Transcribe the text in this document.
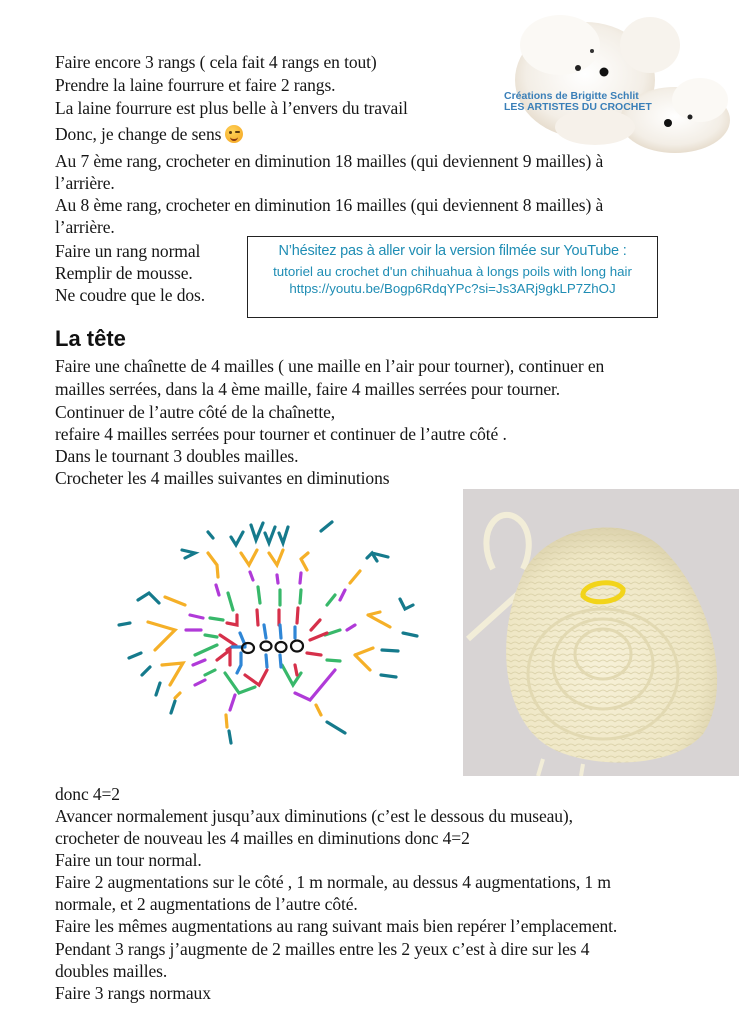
Créations de Brigitte Schlit
LES ARTISTES DU CROCHET
Faire encore 3 rangs ( cela fait 4 rangs en tout)
Prendre la laine fourrure et faire 2 rangs.
La laine fourrure est plus belle à l’envers du travail
Donc, je change de sens
Au 7 ème rang, crocheter en diminution 18 mailles (qui deviennent 9 mailles) à
l’arrière.
Au 8 ème rang, crocheter en diminution 16 mailles (qui deviennent 8 mailles) à
l’arrière.
Faire un rang normal
Remplir de mousse.
Ne coudre que le dos.
N’hésitez pas à aller voir la version filmée sur YouTube :
tutoriel au crochet d'un chihuahua à longs poils with long hair
https://youtu.be/Bogp6RdqYPc?si=Js3ARj9gkLP7ZhOJ
La tête
Faire une chaînette de 4 mailles ( une maille en l’air pour tourner), continuer en
mailles serrées, dans la 4 ème maille, faire 4 mailles serrées pour tourner.
Continuer de l’autre côté de la chaînette,
refaire 4 mailles serrées pour tourner et continuer de l’autre côté .
Dans le tournant 3 doubles mailles.
Crocheter les 4 mailles suivantes en diminutions
donc 4=2
Avancer normalement jusqu’aux diminutions (c’est le dessous du museau),
crocheter de nouveau les 4 mailles en diminutions donc 4=2
Faire un tour normal.
Faire 2 augmentations sur le côté , 1 m normale, au dessus 4 augmentations, 1 m
normale, et 2 augmentations de l’autre côté.
Faire les mêmes augmentations au rang suivant mais bien repérer l’emplacement.
Pendant 3 rangs j’augmente de 2 mailles entre les 2 yeux c’est à dire sur les 4
doubles mailles.
Faire 3 rangs normaux
